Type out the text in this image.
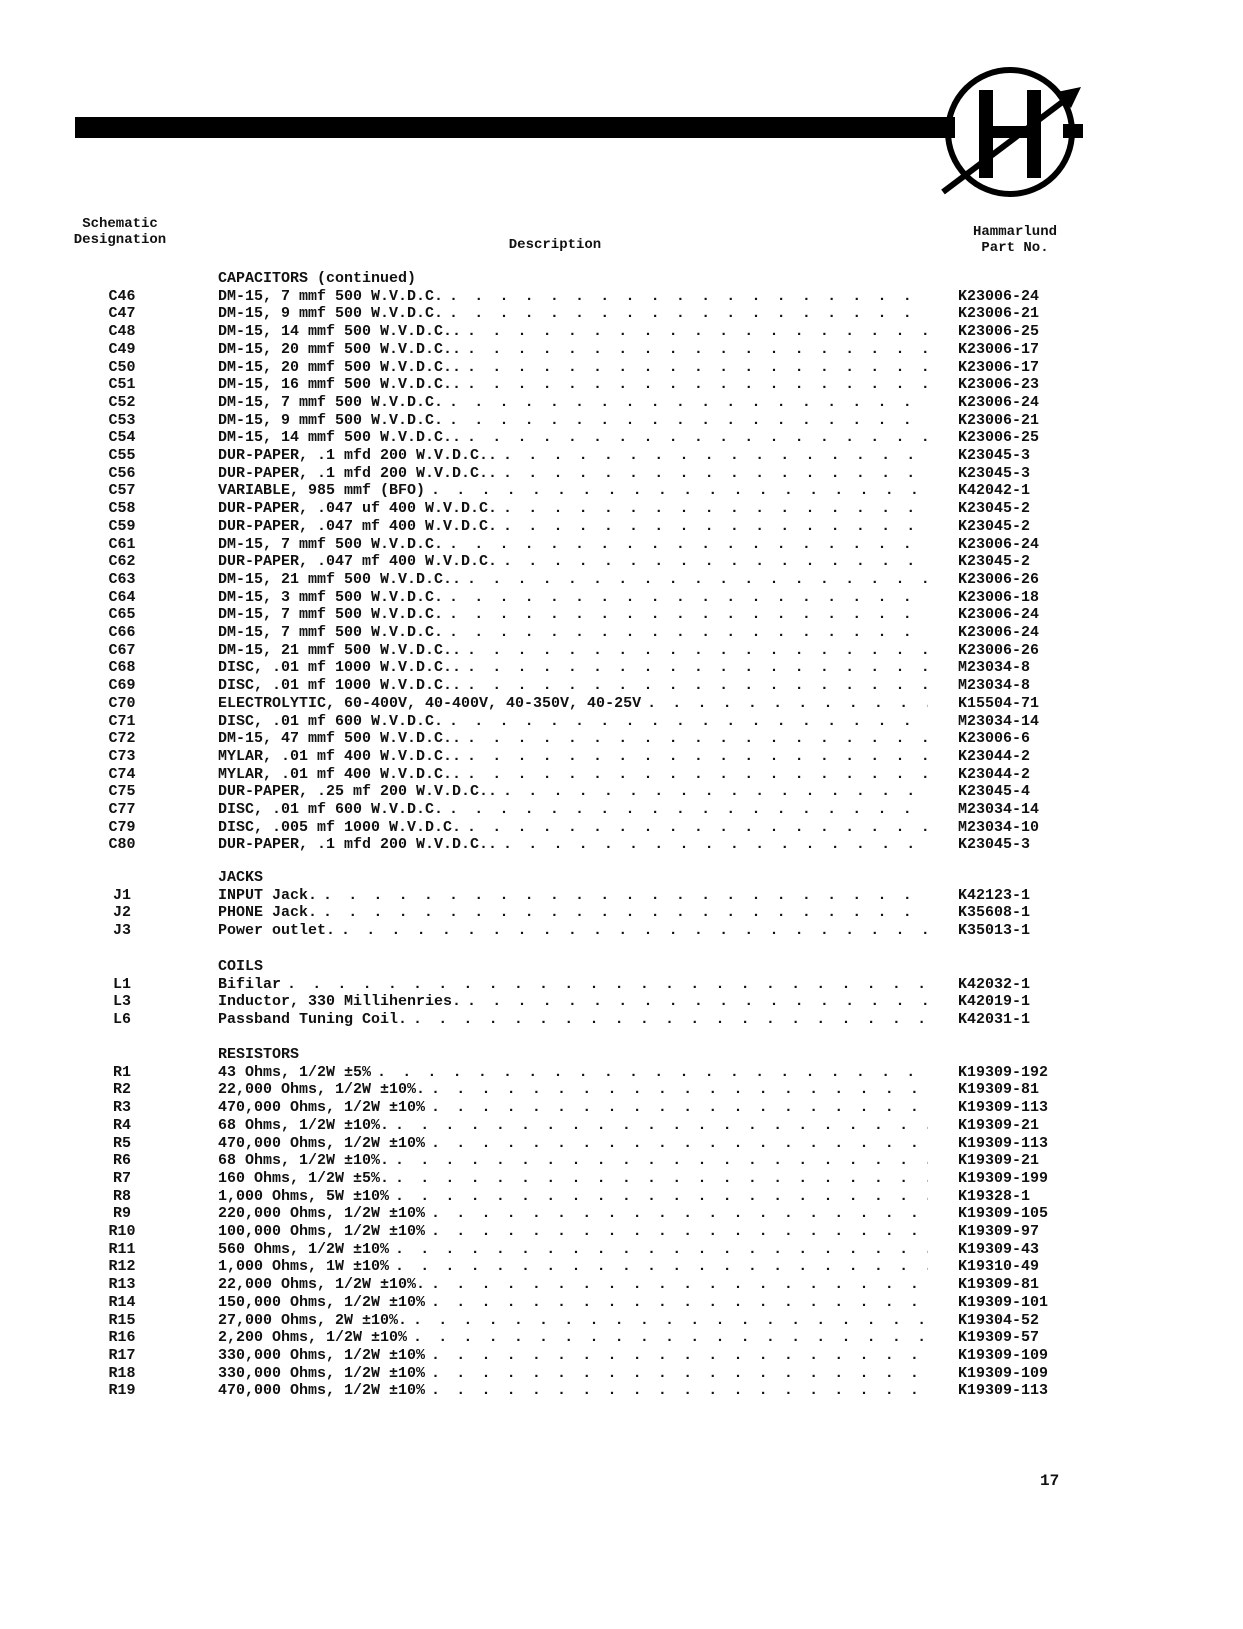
Schematic
Designation	Description
Hammarlund
Part No.
CAPACITORS (continued)
C46	DM-15, 7 mmf 500 W.V.D.C. . . .	K23006-24
C47	DM-15, 9 mmf 500 W.V.D.C. . . .	K23006-21
C48	DM-15, 14 mmf 500 W.V.D.C.. . . .	K23006-25
C49	DM-15, 20 mmf 500 W.V.D.C.. . . .	K23006-17
C50	DM-15, 20 mmf 500 W.V.D.C.. . . .	K23006-17
C51	DM-15, 16 mmf 500 W.V.D.C.. . . .	K23006-23
C52	DM-15, 7 mmf 500 W.V.D.C. . . .	K23006-24
C53	DM-15, 9 mmf 500 W.V.D.C. . . .	K23006-21
C54	DM-15, 14 mmf 500 W.V.D.C.. . . .	K23006-25
C55	DUR-PAPER, .1 mfd 200 W.V.D.C.. . . .	K23045-3
C56	DUR-PAPER, .1 mfd 200 W.V.D.C.. . . .	K23045-3
C57	VARIABLE, 985 mmf (BFO) . . .	K42042-1
C58	DUR-PAPER, .047 uf 400 W.V.D.C. . . .	K23045-2
C59	DUR-PAPER, .047 mf 400 W.V.D.C. . . .	K23045-2
C61	DM-15, 7 mmf 500 W.V.D.C. . . .	K23006-24
C62	DUR-PAPER, .047 mf 400 W.V.D.C. . . .	K23045-2
C63	DM-15, 21 mmf 500 W.V.D.C.. . . .	K23006-26
C64	DM-15, 3 mmf 500 W.V.D.C. . . .	K23006-18
C65	DM-15, 7 mmf 500 W.V.D.C. . . .	K23006-24
C66	DM-15, 7 mmf 500 W.V.D.C. . . .	K23006-24
C67	DM-15, 21 mmf 500 W.V.D.C.. . . .	K23006-26
C68	DISC, .01 mf 1000 W.V.D.C.. . . .	M23034-8
C69	DISC, .01 mf 1000 W.V.D.C.. . . .	M23034-8
C70	ELECTROLYTIC, 60-400V, 40-400V, 40-350V, 40-25V . . .	K15504-71
C71	DISC, .01 mf 600 W.V.D.C. . . .	M23034-14
C72	DM-15, 47 mmf 500 W.V.D.C.. . . .	K23006-6
C73	MYLAR, .01 mf 400 W.V.D.C.. . . .	K23044-2
C74	MYLAR, .01 mf 400 W.V.D.C.. . . .	K23044-2
C75	DUR-PAPER, .25 mf 200 W.V.D.C.. . . .	K23045-4
C77	DISC, .01 mf 600 W.V.D.C. . . .	M23034-14
C79	DISC, .005 mf 1000 W.V.D.C. . . .	M23034-10
C80	DUR-PAPER, .1 mfd 200 W.V.D.C.. . . .	K23045-3
JACKS
J1	INPUT Jack. . . .	K42123-1
J2	PHONE Jack. . . .	K35608-1
J3	Power outlet. . . .	K35013-1
COILS
L1	Bifilar . . .	K42032-1
L3	Inductor, 330 Millihenries. . . .	K42019-1
L6	Passband Tuning Coil. . . .	K42031-1
RESISTORS
R1	43 Ohms, 1/2W ±5% . . .	K19309-192
R2	22,000 Ohms, 1/2W ±10%. . . .	K19309-81
R3	470,000 Ohms, 1/2W ±10% . . .	K19309-113
R4	68 Ohms, 1/2W ±10%. . . .	K19309-21
R5	470,000 Ohms, 1/2W ±10% . . .	K19309-113
R6	68 Ohms, 1/2W ±10%. . . .	K19309-21
R7	160 Ohms, 1/2W ±5%. . . .	K19309-199
R8	1,000 Ohms, 5W ±10% . . .	K19328-1
R9	220,000 Ohms, 1/2W ±10% . . .	K19309-105
R10	100,000 Ohms, 1/2W ±10% . . .	K19309-97
R11	560 Ohms, 1/2W ±10% . . .	K19309-43
R12	1,000 Ohms, 1W ±10% . . .	K19310-49
R13	22,000 Ohms, 1/2W ±10%. . . .	K19309-81
R14	150,000 Ohms, 1/2W ±10% . . .	K19309-101
R15	27,000 Ohms, 2W ±10%. . . .	K19304-52
R16	2,200 Ohms, 1/2W ±10% . . .	K19309-57
R17	330,000 Ohms, 1/2W ±10% . . .	K19309-109
R18	330,000 Ohms, 1/2W ±10% . . .	K19309-109
R19	470,000 Ohms, 1/2W ±10% . . .	K19309-113
17
